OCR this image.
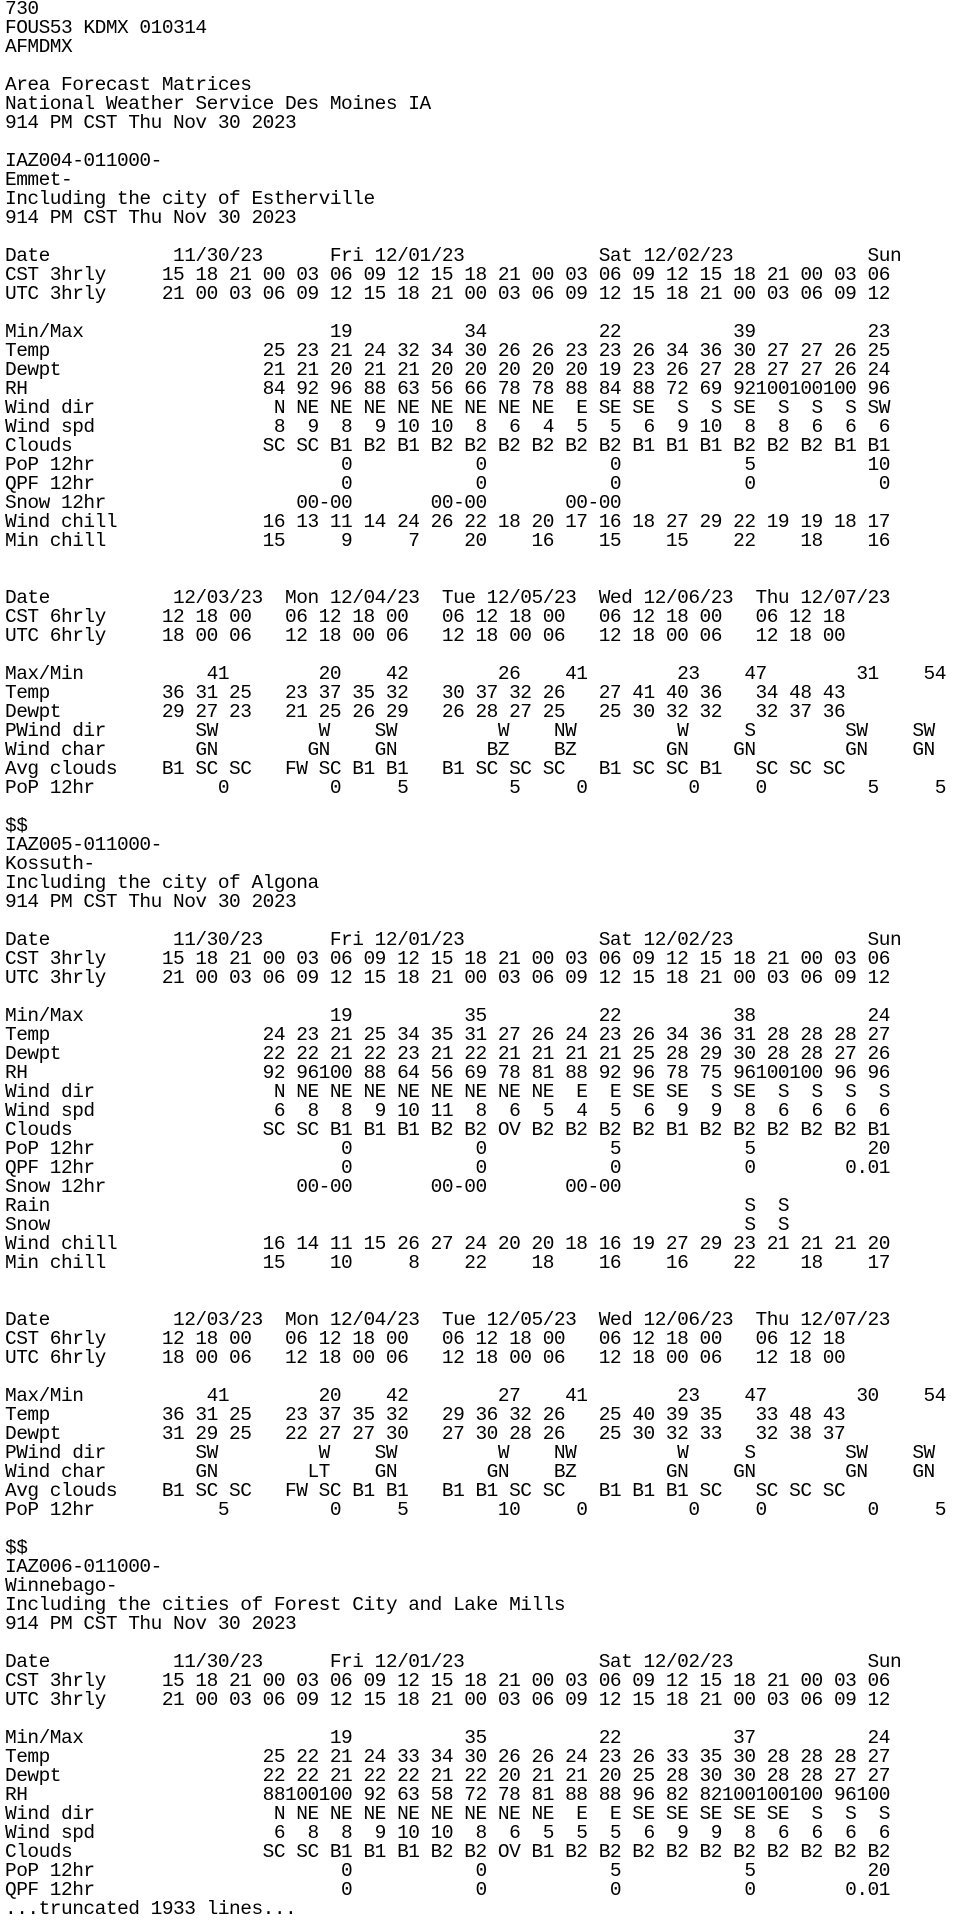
730
FOUS53 KDMX 010314
AFMDMX

Area Forecast Matrices
National Weather Service Des Moines IA
914 PM CST Thu Nov 30 2023

IAZ004-011000-
Emmet-
Including the city of Estherville
914 PM CST Thu Nov 30 2023

Date           11/30/23      Fri 12/01/23            Sat 12/02/23            Sun
CST 3hrly     15 18 21 00 03 06 09 12 15 18 21 00 03 06 09 12 15 18 21 00 03 06
UTC 3hrly     21 00 03 06 09 12 15 18 21 00 03 06 09 12 15 18 21 00 03 06 09 12

Min/Max                      19          34          22          39          23
Temp                   25 23 21 24 32 34 30 26 26 23 23 26 34 36 30 27 27 26 25
Dewpt                  21 21 20 21 21 20 20 20 20 20 19 23 26 27 28 27 27 26 24
RH                     84 92 96 88 63 56 66 78 78 88 84 88 72 69 92100100100 96
Wind dir                N NE NE NE NE NE NE NE NE  E SE SE  S  S SE  S  S  S SW
Wind spd                8  9  8  9 10 10  8  6  4  5  5  6  9 10  8  8  6  6  6
Clouds                 SC SC B1 B2 B1 B2 B2 B2 B2 B2 B2 B1 B1 B1 B2 B2 B2 B1 B1
PoP 12hr                      0           0           0           5          10
QPF 12hr                      0           0           0           0           0
Snow 12hr                 00-00       00-00       00-00
Wind chill             16 13 11 14 24 26 22 18 20 17 16 18 27 29 22 19 19 18 17
Min chill              15     9     7    20    16    15    15    22    18    16

Date           12/03/23  Mon 12/04/23  Tue 12/05/23  Wed 12/06/23  Thu 12/07/23
CST 6hrly     12 18 00   06 12 18 00   06 12 18 00   06 12 18 00   06 12 18
UTC 6hrly     18 00 06   12 18 00 06   12 18 00 06   12 18 00 06   12 18 00

Max/Min           41        20    42        26    41        23    47        31    54
Temp          36 31 25   23 37 35 32   30 37 32 26   27 41 40 36   34 48 43
Dewpt         29 27 23   21 25 26 29   26 28 27 25   25 30 32 32   32 37 36
PWind dir        SW         W    SW         W    NW         W     S        SW    SW
Wind char        GN        GN    GN        BZ    BZ        GN    GN        GN    GN
Avg clouds    B1 SC SC   FW SC B1 B1   B1 SC SC SC   B1 SC SC B1   SC SC SC
PoP 12hr           0         0     5         5     0         0     0         5     5

$$
IAZ005-011000-
Kossuth-
Including the city of Algona
914 PM CST Thu Nov 30 2023

Date           11/30/23      Fri 12/01/23            Sat 12/02/23            Sun
CST 3hrly     15 18 21 00 03 06 09 12 15 18 21 00 03 06 09 12 15 18 21 00 03 06
UTC 3hrly     21 00 03 06 09 12 15 18 21 00 03 06 09 12 15 18 21 00 03 06 09 12

Min/Max                      19          35          22          38          24
Temp                   24 23 21 25 34 35 31 27 26 24 23 26 34 36 31 28 28 28 27
Dewpt                  22 22 21 22 23 21 22 21 21 21 21 25 28 29 30 28 28 27 26
RH                     92 96100 88 64 56 69 78 81 88 92 96 78 75 96100100 96 96
Wind dir                N NE NE NE NE NE NE NE NE  E  E SE SE  S SE  S  S  S  S
Wind spd                6  8  8  9 10 11  8  6  5  4  5  6  9  9  8  6  6  6  6
Clouds                 SC SC B1 B1 B1 B2 B2 OV B2 B2 B2 B2 B1 B2 B2 B2 B2 B2 B1
PoP 12hr                      0           0           5           5          20
QPF 12hr                      0           0           0           0        0.01
Snow 12hr                 00-00       00-00       00-00
Rain                                                              S  S
Snow                                                              S  S
Wind chill             16 14 11 15 26 27 24 20 20 18 16 19 27 29 23 21 21 21 20
Min chill              15    10     8    22    18    16    16    22    18    17

Date           12/03/23  Mon 12/04/23  Tue 12/05/23  Wed 12/06/23  Thu 12/07/23
CST 6hrly     12 18 00   06 12 18 00   06 12 18 00   06 12 18 00   06 12 18
UTC 6hrly     18 00 06   12 18 00 06   12 18 00 06   12 18 00 06   12 18 00

Max/Min           41        20    42        27    41        23    47        30    54
Temp          36 31 25   23 37 35 32   29 36 32 26   25 40 39 35   33 48 43
Dewpt         31 29 25   22 27 27 30   27 30 28 26   25 30 32 33   32 38 37
PWind dir        SW         W    SW         W    NW         W     S        SW    SW
Wind char        GN        LT    GN        GN    BZ        GN    GN        GN    GN
Avg clouds    B1 SC SC   FW SC B1 B1   B1 B1 SC SC   B1 B1 B1 SC   SC SC SC
PoP 12hr           5         0     5        10     0         0     0         0     5

$$
IAZ006-011000-
Winnebago-
Including the cities of Forest City and Lake Mills
914 PM CST Thu Nov 30 2023

Date           11/30/23      Fri 12/01/23            Sat 12/02/23            Sun
CST 3hrly     15 18 21 00 03 06 09 12 15 18 21 00 03 06 09 12 15 18 21 00 03 06
UTC 3hrly     21 00 03 06 09 12 15 18 21 00 03 06 09 12 15 18 21 00 03 06 09 12

Min/Max                      19          35          22          37          24
Temp                   25 22 21 24 33 34 30 26 26 24 23 26 33 35 30 28 28 28 27
Dewpt                  22 22 21 22 22 21 22 20 21 21 20 25 28 30 30 28 28 27 27
RH                     88100100 92 63 58 72 78 81 88 88 96 82 82100100100 96100
Wind dir                N NE NE NE NE NE NE NE NE  E  E SE SE SE SE SE  S  S  S
Wind spd                6  8  8  9 10 10  8  6  5  5  5  6  9  9  8  6  6  6  6
Clouds                 SC SC B1 B1 B1 B2 B2 OV B1 B2 B2 B2 B2 B2 B2 B2 B2 B2 B2
PoP 12hr                      0           0           5           5          20
QPF 12hr                      0           0           0           0        0.01
...truncated 1933 lines...
